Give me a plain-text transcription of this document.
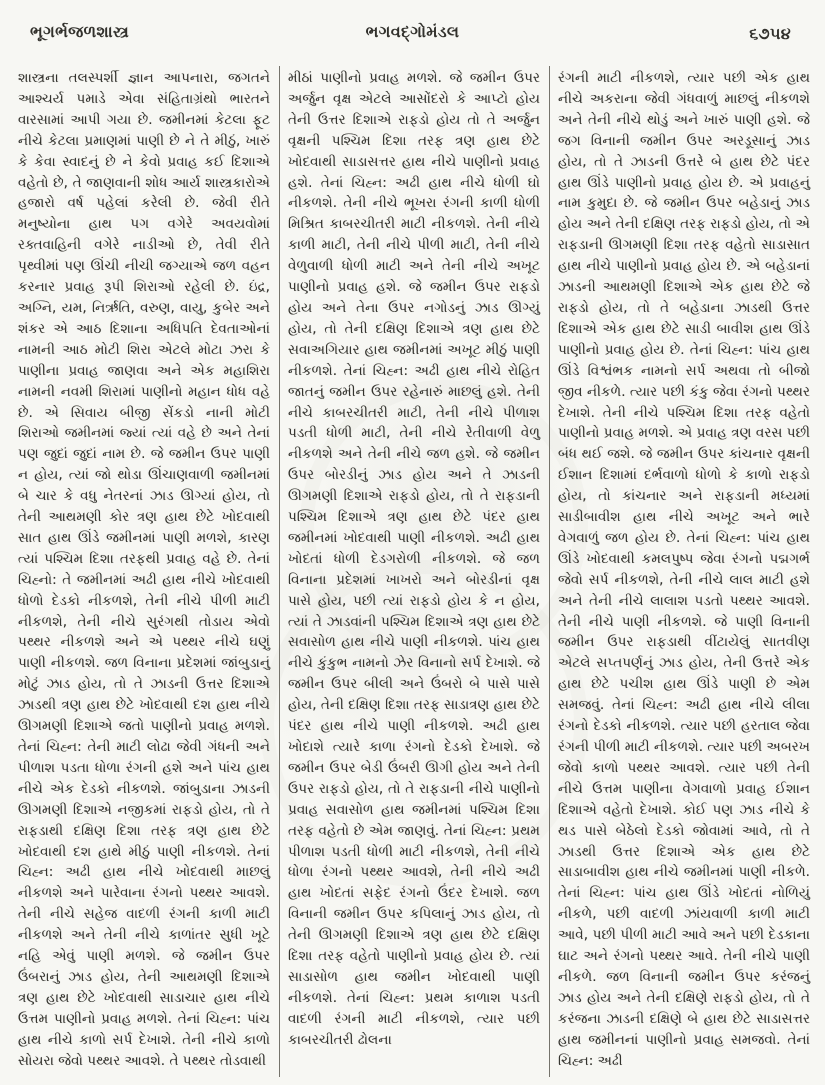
ભૂગર્ભજળશાસ્ત્ર	ભગવદ્ગોમંડલ	૬૭૫૪
શાસ્ત્રના તલસ્પર્શી જ્ઞાન આપનારા, જગતને આશ્ચર્ય પમાડે એવા સંહિતાગ્રંથો ભારતને વારસામાં આપી ગયા છે. જમીનમાં કેટલા ફૂટ નીચે કેટલા પ્રમાણમાં પાણી છે ને તે મીઠું, ખારું કે કેવા સ્વાદનું છે ને કેવો પ્રવાહ કઈ દિશાએ વહેતો છે, તે જાણવાની શોધ આર્ય શાસ્ત્રકારોએ હજારો વર્ષ પહેલાં કરેલી છે. જેવી રીતે મનુષ્યોના હાથ પગ વગેરે અવયવોમાં રક્તવાહિની વગેરે નાડીઓ છે, તેવી રીતે પૃથ્વીમાં પણ ઊંચી નીચી જગ્યાએ જળ વહન કરનાર પ્રવાહ રૂપી શિરાઓ રહેલી છે. ઇંદ્ર, અગ્નિ, યમ, નિર્ઋતિ, વરુણ, વાયુ, કુબેર અને શંકર એ આઠ દિશાના અધિપતિ દેવતાઓનાં નામની આઠ મોટી શિરા એટલે મોટા ઝરા કે પાણીના પ્રવાહ જાણવા અને એક મહાશિરા નામની નવમી શિરામાં પાણીનો મહાન ધોધ વહે છે. એ સિવાય બીજી સેંકડો નાની મોટી શિરાઓ જમીનમાં જ્યાં ત્યાં વહે છે અને તેનાં પણ જુદાં જુદાં નામ છે. જે જમીન ઉપર પાણી ન હોય, ત્યાં જો થોડા ઊંચાણવાળી જમીનમાં બે ચાર કે વધુ નેતરનાં ઝાડ ઊગ્યાં હોય, તો તેની આથમણી કોર ત્રણ હાથ છેટે ખોદવાથી સાત હાથ ઊંડે જમીનમાં પાણી મળશે, કારણ ત્યાં પશ્ચિમ દિશા તરફથી પ્રવાહ વહે છે. તેનાં ચિહ્નો: તે જમીનમાં અઢી હાથ નીચે ખોદવાથી ધોળો દેડકો નીકળશે, તેની નીચે પીળી માટી નીકળશે, તેની નીચે સુરંગથી તોડાય એવો પથ્થર નીકળશે અને એ પથ્થર નીચે ઘણું પાણી નીકળશે. જળ વિનાના પ્રદેશમાં જાંબુડાનું મોટું ઝાડ હોય, તો તે ઝાડની ઉત્તર દિશાએ ઝાડથી ત્રણ હાથ છેટે ખોદવાથી દશ હાથ નીચે ઊગમણી દિશાએ જતો પાણીનો પ્રવાહ મળશે. તેનાં ચિહ્ન: તેની માટી લોઢા જેવી ગંધની અને પીળાશ પડતા ધોળા રંગની હશે અને પાંચ હાથ નીચે એક દેડકો નીકળશે. જાંબુડાના ઝાડની ઊગમણી દિશાએ નજીકમાં રાફડો હોય, તો તે રાફડાથી દક્ષિણ દિશા તરફ ત્રણ હાથ છેટે ખોદવાથી દશ હાથે મીઠું પાણી નીકળશે. તેનાં ચિહ્ન: અઢી હાથ નીચે ખોદવાથી માછલું નીકળશે અને પારેવાના રંગનો પથ્થર આવશે. તેની નીચે સહેજ વાદળી રંગની કાળી માટી નીકળશે અને તેની નીચે કાળાંતર સુધી ખૂટે નહિ એવું પાણી મળશે. જે જમીન ઉપર ઉંબરાનું ઝાડ હોય, તેની આથમણી દિશાએ ત્રણ હાથ છેટે ખોદવાથી સાડાચાર હાથ નીચે ઉત્તમ પાણીનો પ્રવાહ મળશે. તેનાં ચિહ્ન: પાંચ હાથ નીચે કાળો સર્પ દેખાશે. તેની નીચે કાળો સોયરા જેવો પથ્થર આવશે. તે પથ્થર તોડવાથી
મીઠાં પાણીનો પ્રવાહ મળશે. જે જમીન ઉપર અર્જુન વૃક્ષ એટલે આસોંદરો કે આપ્ટો હોય તેની ઉત્તર દિશાએ રાફડો હોય તો તે અર્જુન વૃક્ષની પશ્ચિમ દિશા તરફ ત્રણ હાથ છેટે ખોદવાથી સાડાસત્તર હાથ નીચે પાણીનો પ્રવાહ હશે. તેનાં ચિહ્ન: અઢી હાથ નીચે ધોળી ઘો નીકળશે. તેની નીચે ભૂખરા રંગની કાળી ધોળી મિશ્રિત કાબરચીતરી માટી નીકળશે. તેની નીચે કાળી માટી, તેની નીચે પીળી માટી, તેની નીચે વેળુવાળી ધોળી માટી અને તેની નીચે અખૂટ પાણીનો પ્રવાહ હશે. જે જમીન ઉપર રાફડો હોય અને તેના ઉપર નગોડનું ઝાડ ઊગ્યું હોય, તો તેની દક્ષિણ દિશાએ ત્રણ હાથ છેટે સવાઅગિયાર હાથ જમીનમાં અખૂટ મીઠું પાણી નીકળશે. તેનાં ચિહ્ન: અઢી હાથ નીચે રોહિત જાતનું જમીન ઉપર રહેનારું માછલું હશે. તેની નીચે કાબરચીતરી માટી, તેની નીચે પીળાશ પડતી ધોળી માટી, તેની નીચે રેતીવાળી વેળુ નીકળશે અને તેની નીચે જળ હશે. જે જમીન ઉપર બોરડીનું ઝાડ હોય અને તે ઝાડની ઊગમણી દિશાએ રાફડો હોય, તો તે રાફડાની પશ્ચિમ દિશાએ ત્રણ હાથ છેટે પંદર હાથ જમીનમાં ખોદવાથી પાણી નીકળશે. અઢી હાથ ખોદતાં ધોળી દેડગરોળી નીકળશે. જે જળ વિનાના પ્રદેશમાં ખાખરો અને બોરડીનાં વૃક્ષ પાસે હોય, પછી ત્યાં રાફડો હોય કે ન હોય, ત્યાં તે ઝાડવાંની પશ્ચિમ દિશાએ ત્રણ હાથ છેટે સવાસોળ હાથ નીચે પાણી નીકળશે. પાંચ હાથ નીચે કુંકુભ નામનો ઝેર વિનાનો સર્પ દેખાશે. જે જમીન ઉપર બીલી અને ઉંબરો બે પાસે પાસે હોય, તેની દક્ષિણ દિશા તરફ સાડાત્રણ હાથ છેટે પંદર હાથ નીચે પાણી નીકળશે. અઢી હાથ ખોદાશે ત્યારે કાળા રંગનો દેડકો દેખાશે. જે જમીન ઉપર બેડી ઉંબરી ઊગી હોય અને તેની ઉપર રાફડો હોય, તો તે રાફડાની નીચે પાણીનો પ્રવાહ સવાસોળ હાથ જમીનમાં પશ્ચિમ દિશા તરફ વહેતો છે એમ જાણવું. તેનાં ચિહ્ન: પ્રથમ પીળાશ પડતી ધોળી માટી નીકળશે, તેની નીચે ધોળા રંગનો પથ્થર આવશે, તેની નીચે અઢી હાથ ખોદતાં સફેદ રંગનો ઉંદર દેખાશે. જળ વિનાની જમીન ઉપર કપિલાનું ઝાડ હોય, તો તેની ઊગમણી દિશાએ ત્રણ હાથ છેટે દક્ષિણ દિશા તરફ વહેતો પાણીનો પ્રવાહ હોય છે. ત્યાં સાડાસોળ હાથ જમીન ખોદવાથી પાણી નીકળશે. તેનાં ચિહ્ન: પ્રથમ કાળાશ પડતી વાદળી રંગની માટી નીકળશે, ત્યાર પછી કાબરચીતરી ઢોલના
રંગની માટી નીકળશે, ત્યાર પછી એક હાથ નીચે અકરાના જેવી ગંધવાળું માછલું નીકળશે અને તેની નીચે થોડું અને ખારું પાણી હશે. જે જગ વિનાની જમીન ઉપર અરડૂસાનું ઝાડ હોય, તો તે ઝાડની ઉત્તરે બે હાથ છેટે પંદર હાથ ઊંડે પાણીનો પ્રવાહ હોય છે. એ પ્રવાહનું નામ કુમુદા છે. જે જમીન ઉપર બહેડાનું ઝાડ હોય અને તેની દક્ષિણ તરફ રાફડો હોય, તો એ રાફડાની ઊગમણી દિશા તરફ વહેતો સાડાસાત હાથ નીચે પાણીનો પ્રવાહ હોય છે. એ બહેડાનાં ઝાડની આથમણી દિશાએ એક હાથ છેટે જે રાફડો હોય, તો તે બહેડાના ઝાડથી ઉત્તર દિશાએ એક હાથ છેટે સાડી બાવીશ હાથ ઊંડે પાણીનો પ્રવાહ હોય છે. તેનાં ચિહ્ન: પાંચ હાથ ઊંડે વિશ્વંભક નામનો સર્પ અથવા તો બીજો જીવ નીકળે. ત્યાર પછી કંકુ જેવા રંગનો પથ્થર દેખાશે. તેની નીચે પશ્ચિમ દિશા તરફ વહેતો પાણીનો પ્રવાહ મળશે. એ પ્રવાહ ત્રણ વરસ પછી બંધ થઈ જશે. જે જમીન ઉપર કાંચનાર વૃક્ષની ઈશાન દિશામાં દર્ભવાળો ધોળો કે કાળો રાફડો હોય, તો કાંચનાર અને રાફડાની મધ્યમાં સાડીબાવીશ હાથ નીચે અખૂટ અને ભારે વેગવાળું જળ હોય છે. તેનાં ચિહ્ન: પાંચ હાથ ઊંડે ખોદવાથી કમલપુષ્પ જેવા રંગનો પદ્મગર્ભ જેવો સર્પ નીકળશે, તેની નીચે લાલ માટી હશે અને તેની નીચે લાલાશ પડતો પથ્થર આવશે. તેની નીચે પાણી નીકળશે. જે પાણી વિનાની જમીન ઉપર રાફડાથી વીંટાયેલું સાતવીણ એટલે સપ્તપર્ણનું ઝાડ હોય, તેની ઉત્તરે એક હાથ છેટે પચીશ હાથ ઊંડે પાણી છે એમ સમજવું. તેનાં ચિહ્ન: અઢી હાથ નીચે લીલા રંગનો દેડકો નીકળશે. ત્યાર પછી હરતાલ જેવા રંગની પીળી માટી નીકળશે. ત્યાર પછી અબરખ જેવો કાળો પથ્થર આવશે. ત્યાર પછી તેની નીચે ઉત્તમ પાણીના વેગવાળો પ્રવાહ ઈશાન દિશાએ વહેતો દેખાશે. કોઈ પણ ઝાડ નીચે કે થડ પાસે બેઠેલો દેડકો જોવામાં આવે, તો તે ઝાડથી ઉત્તર દિશાએ એક હાથ છેટે સાડાબાવીશ હાથ નીચે જમીનમાં પાણી નીકળે. તેનાં ચિહ્ન: પાંચ હાથ ઊંડે ખોદતાં નોળિયું નીકળે, પછી વાદળી ઝાંયવાળી કાળી માટી આવે, પછી પીળી માટી આવે અને પછી દેડકાના ઘાટ અને રંગનો પથ્થર આવે. તેની નીચે પાણી નીકળે. જળ વિનાની જમીન ઉપર કરંજનું ઝાડ હોય અને તેની દક્ષિણે રાફડો હોય, તો તે કરંજના ઝાડની દક્ષિણે બે હાથ છેટે સાડાસત્તર હાથ જમીનનાં પાણીનો પ્રવાહ સમજવો. તેનાં ચિહ્ન: અઢી
